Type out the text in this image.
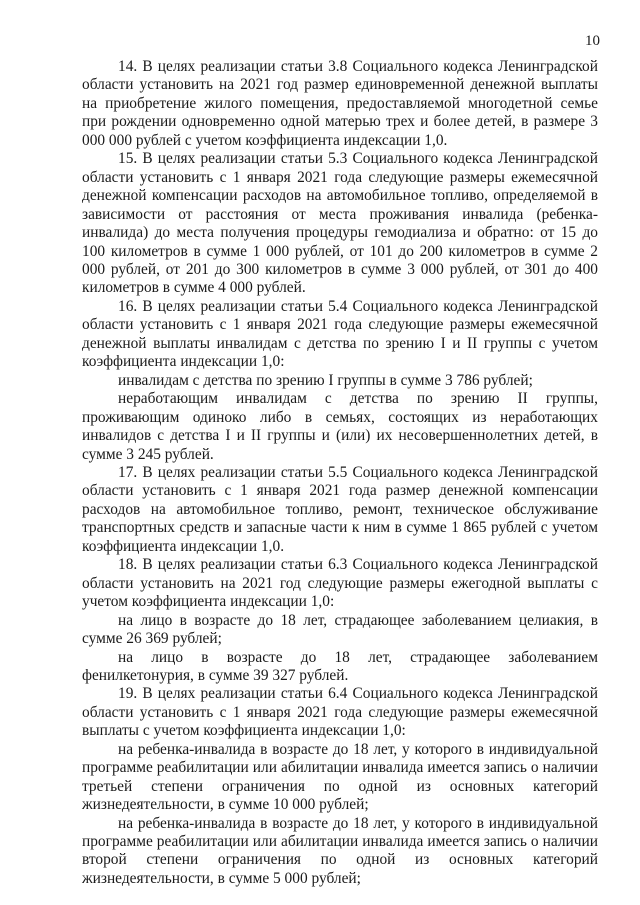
10

14. В целях реализации статьи 3.8 Социального кодекса Ленинградской области установить на 2021 год размер единовременной денежной выплаты на приобретение жилого помещения, предоставляемой многодетной семье при рождении одновременно одной матерью трех и более детей, в размере 3 000 000 рублей с учетом коэффициента индексации 1,0.

15. В целях реализации статьи 5.3 Социального кодекса Ленинградской области установить с 1 января 2021 года следующие размеры ежемесячной денежной компенсации расходов на автомобильное топливо, определяемой в зависимости от расстояния от места проживания инвалида (ребенка-инвалида) до места получения процедуры гемодиализа и обратно: от 15 до 100 километров в сумме 1 000 рублей, от 101 до 200 километров в сумме 2 000 рублей, от 201 до 300 километров в сумме 3 000 рублей, от 301 до 400 километров в сумме 4 000 рублей.

16. В целях реализации статьи 5.4 Социального кодекса Ленинградской области установить с 1 января 2021 года следующие размеры ежемесячной денежной выплаты инвалидам с детства по зрению I и II группы с учетом коэффициента индексации 1,0:

инвалидам с детства по зрению I группы в сумме 3 786 рублей;

неработающим инвалидам с детства по зрению II группы, проживающим одиноко либо в семьях, состоящих из неработающих инвалидов с детства I и II группы и (или) их несовершеннолетних детей, в сумме 3 245 рублей.

17. В целях реализации статьи 5.5 Социального кодекса Ленинградской области установить с 1 января 2021 года размер денежной компенсации расходов на автомобильное топливо, ремонт, техническое обслуживание транспортных средств и запасные части к ним в сумме 1 865 рублей с учетом коэффициента индексации 1,0.

18. В целях реализации статьи 6.3 Социального кодекса Ленинградской области установить на 2021 год следующие размеры ежегодной выплаты с учетом коэффициента индексации 1,0:

на лицо в возрасте до 18 лет, страдающее заболеванием целиакия, в сумме 26 369 рублей;

на лицо в возрасте до 18 лет, страдающее заболеванием фенилкетонурия, в сумме 39 327 рублей.

19. В целях реализации статьи 6.4 Социального кодекса Ленинградской области установить с 1 января 2021 года следующие размеры ежемесячной выплаты с учетом коэффициента индексации 1,0:

на ребенка-инвалида в возрасте до 18 лет, у которого в индивидуальной программе реабилитации или абилитации инвалида имеется запись о наличии третьей степени ограничения по одной из основных категорий жизнедеятельности, в сумме 10 000 рублей;

на ребенка-инвалида в возрасте до 18 лет, у которого в индивидуальной программе реабилитации или абилитации инвалида имеется запись о наличии второй степени ограничения по одной из основных категорий жизнедеятельности, в сумме 5 000 рублей;
